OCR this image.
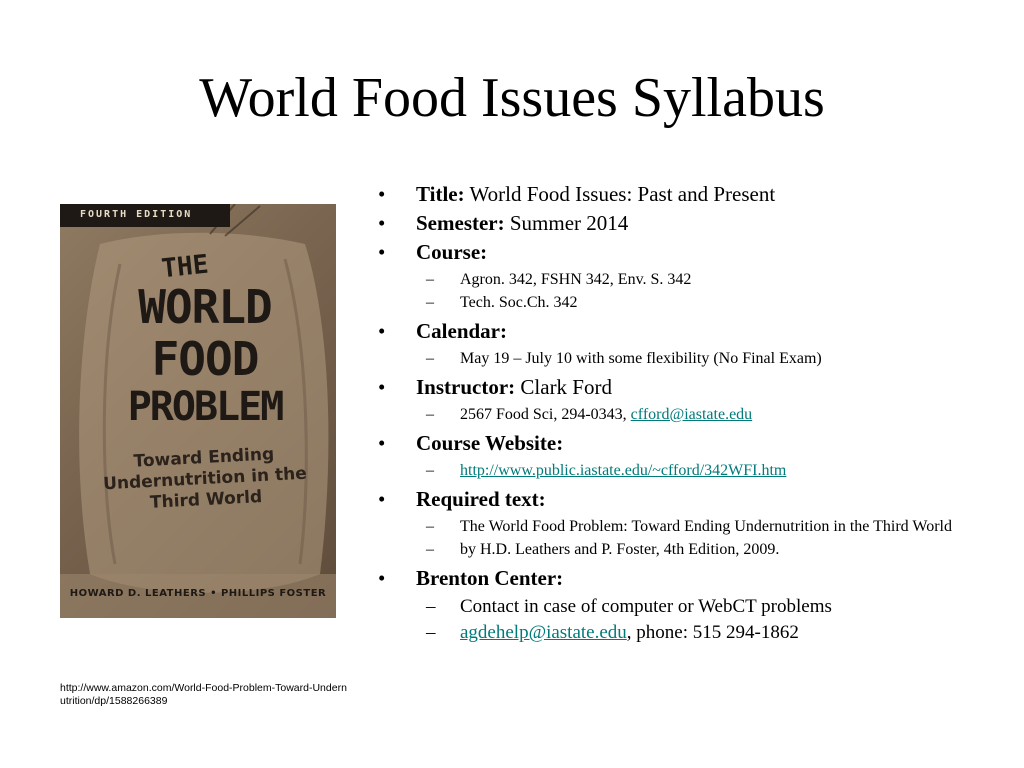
World Food Issues Syllabus
FOURTH EDITION
THE
WORLD
FOOD
PROBLEM
Toward Ending Undernutrition in the Third World
HOWARD D. LEATHERS • PHILLIPS FOSTER
http://www.amazon.com/World-Food-Problem-Toward-Undernutrition/dp/1588266389
• Title: World Food Issues: Past and Present
• Semester: Summer 2014
• Course:
– Agron. 342, FSHN 342, Env. S. 342
– Tech. Soc.Ch. 342
• Calendar:
– May 19 – July 10 with some flexibility (No Final Exam)
• Instructor: Clark Ford
– 2567 Food Sci, 294-0343, cfford@iastate.edu
• Course Website:
– http://www.public.iastate.edu/~cfford/342WFI.htm
• Required text:
– The World Food Problem: Toward Ending Undernutrition in the Third World
– by H.D. Leathers and P. Foster, 4th Edition, 2009.
• Brenton Center:
– Contact in case of computer or WebCT problems
– agdehelp@iastate.edu, phone: 515 294-1862
